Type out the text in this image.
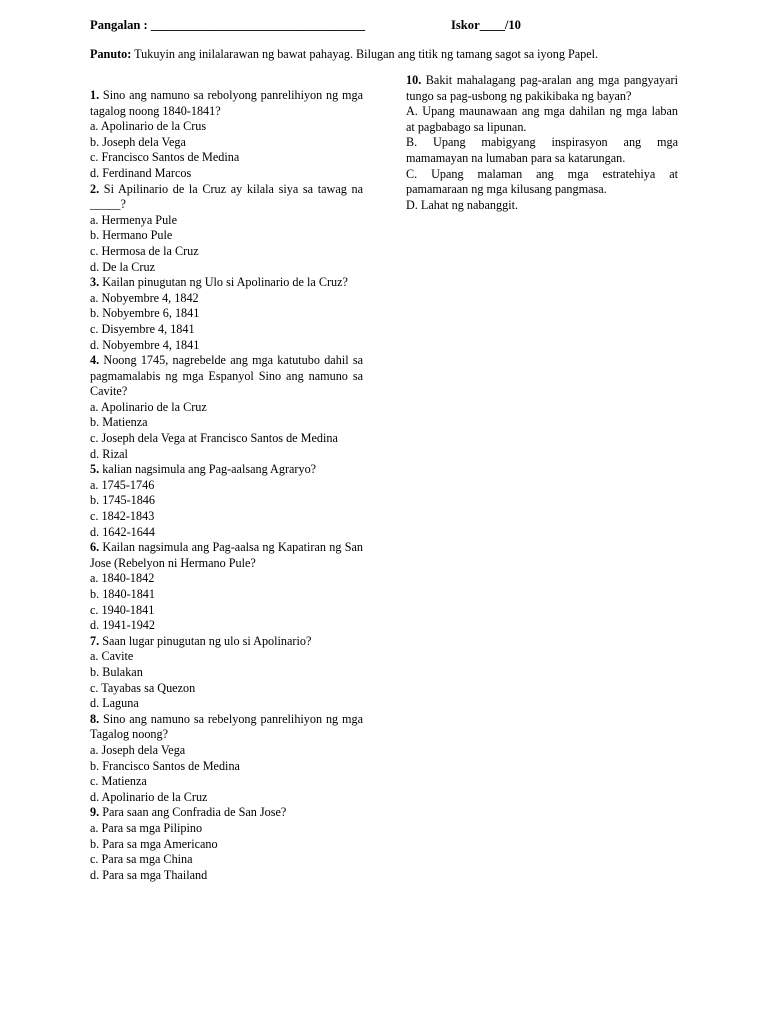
Pangalan : __________________________________	Iskor____/10
Panuto: Tukuyin ang inilalarawan ng bawat pahayag. Bilugan ang titik ng tamang sagot sa iyong Papel.

1. Sino ang namuno sa rebolyong panrelihiyon ng mga tagalog noong 1840-1841?

a. Apolinario de la Crus

b. Joseph dela Vega

c. Francisco Santos de Medina

d. Ferdinand Marcos

2. Si Apilinario de la Cruz ay kilala siya sa tawag na _____?

a. Hermenya Pule

b. Hermano Pule

c. Hermosa de la Cruz

d. De la Cruz

3. Kailan pinugutan ng Ulo si Apolinario de la Cruz?

a. Nobyembre 4, 1842

b. Nobyembre 6, 1841

c. Disyembre 4, 1841

d. Nobyembre 4, 1841

4. Noong 1745, nagrebelde ang mga katutubo dahil sa pagmamalabis ng mga Espanyol Sino ang namuno sa Cavite?

a. Apolinario de la Cruz

b. Matienza

c. Joseph dela Vega at Francisco Santos de Medina

d. Rizal

5. kalian nagsimula ang Pag-aalsang Agraryo?

a. 1745-1746

b. 1745-1846

c. 1842-1843

d. 1642-1644

6. Kailan nagsimula ang Pag-aalsa ng Kapatiran ng San Jose (Rebelyon ni Hermano Pule?

a. 1840-1842

b. 1840-1841

c. 1940-1841

d. 1941-1942

7. Saan lugar pinugutan ng ulo si Apolinario?

a. Cavite

b. Bulakan

c. Tayabas sa Quezon

d. Laguna

8. Sino ang namuno sa rebelyong panrelihiyon ng mga Tagalog noong?

a. Joseph dela Vega

b. Francisco Santos de Medina

c. Matienza

d. Apolinario de la Cruz

9. Para saan ang Confradia de San Jose?

a. Para sa mga Pilipino

b. Para sa mga Americano

c. Para sa mga China

d. Para sa mga Thailand

10. Bakit mahalagang pag-aralan ang mga pangyayari tungo sa pag-usbong ng pakikibaka ng bayan?

A. Upang maunawaan ang mga dahilan ng mga laban at pagbabago sa lipunan.

B. Upang mabigyang inspirasyon ang mga mamamayan na lumaban para sa katarungan.

C. Upang malaman ang mga estratehiya at pamamaraan ng mga kilusang pangmasa.

D. Lahat ng nabanggit.
